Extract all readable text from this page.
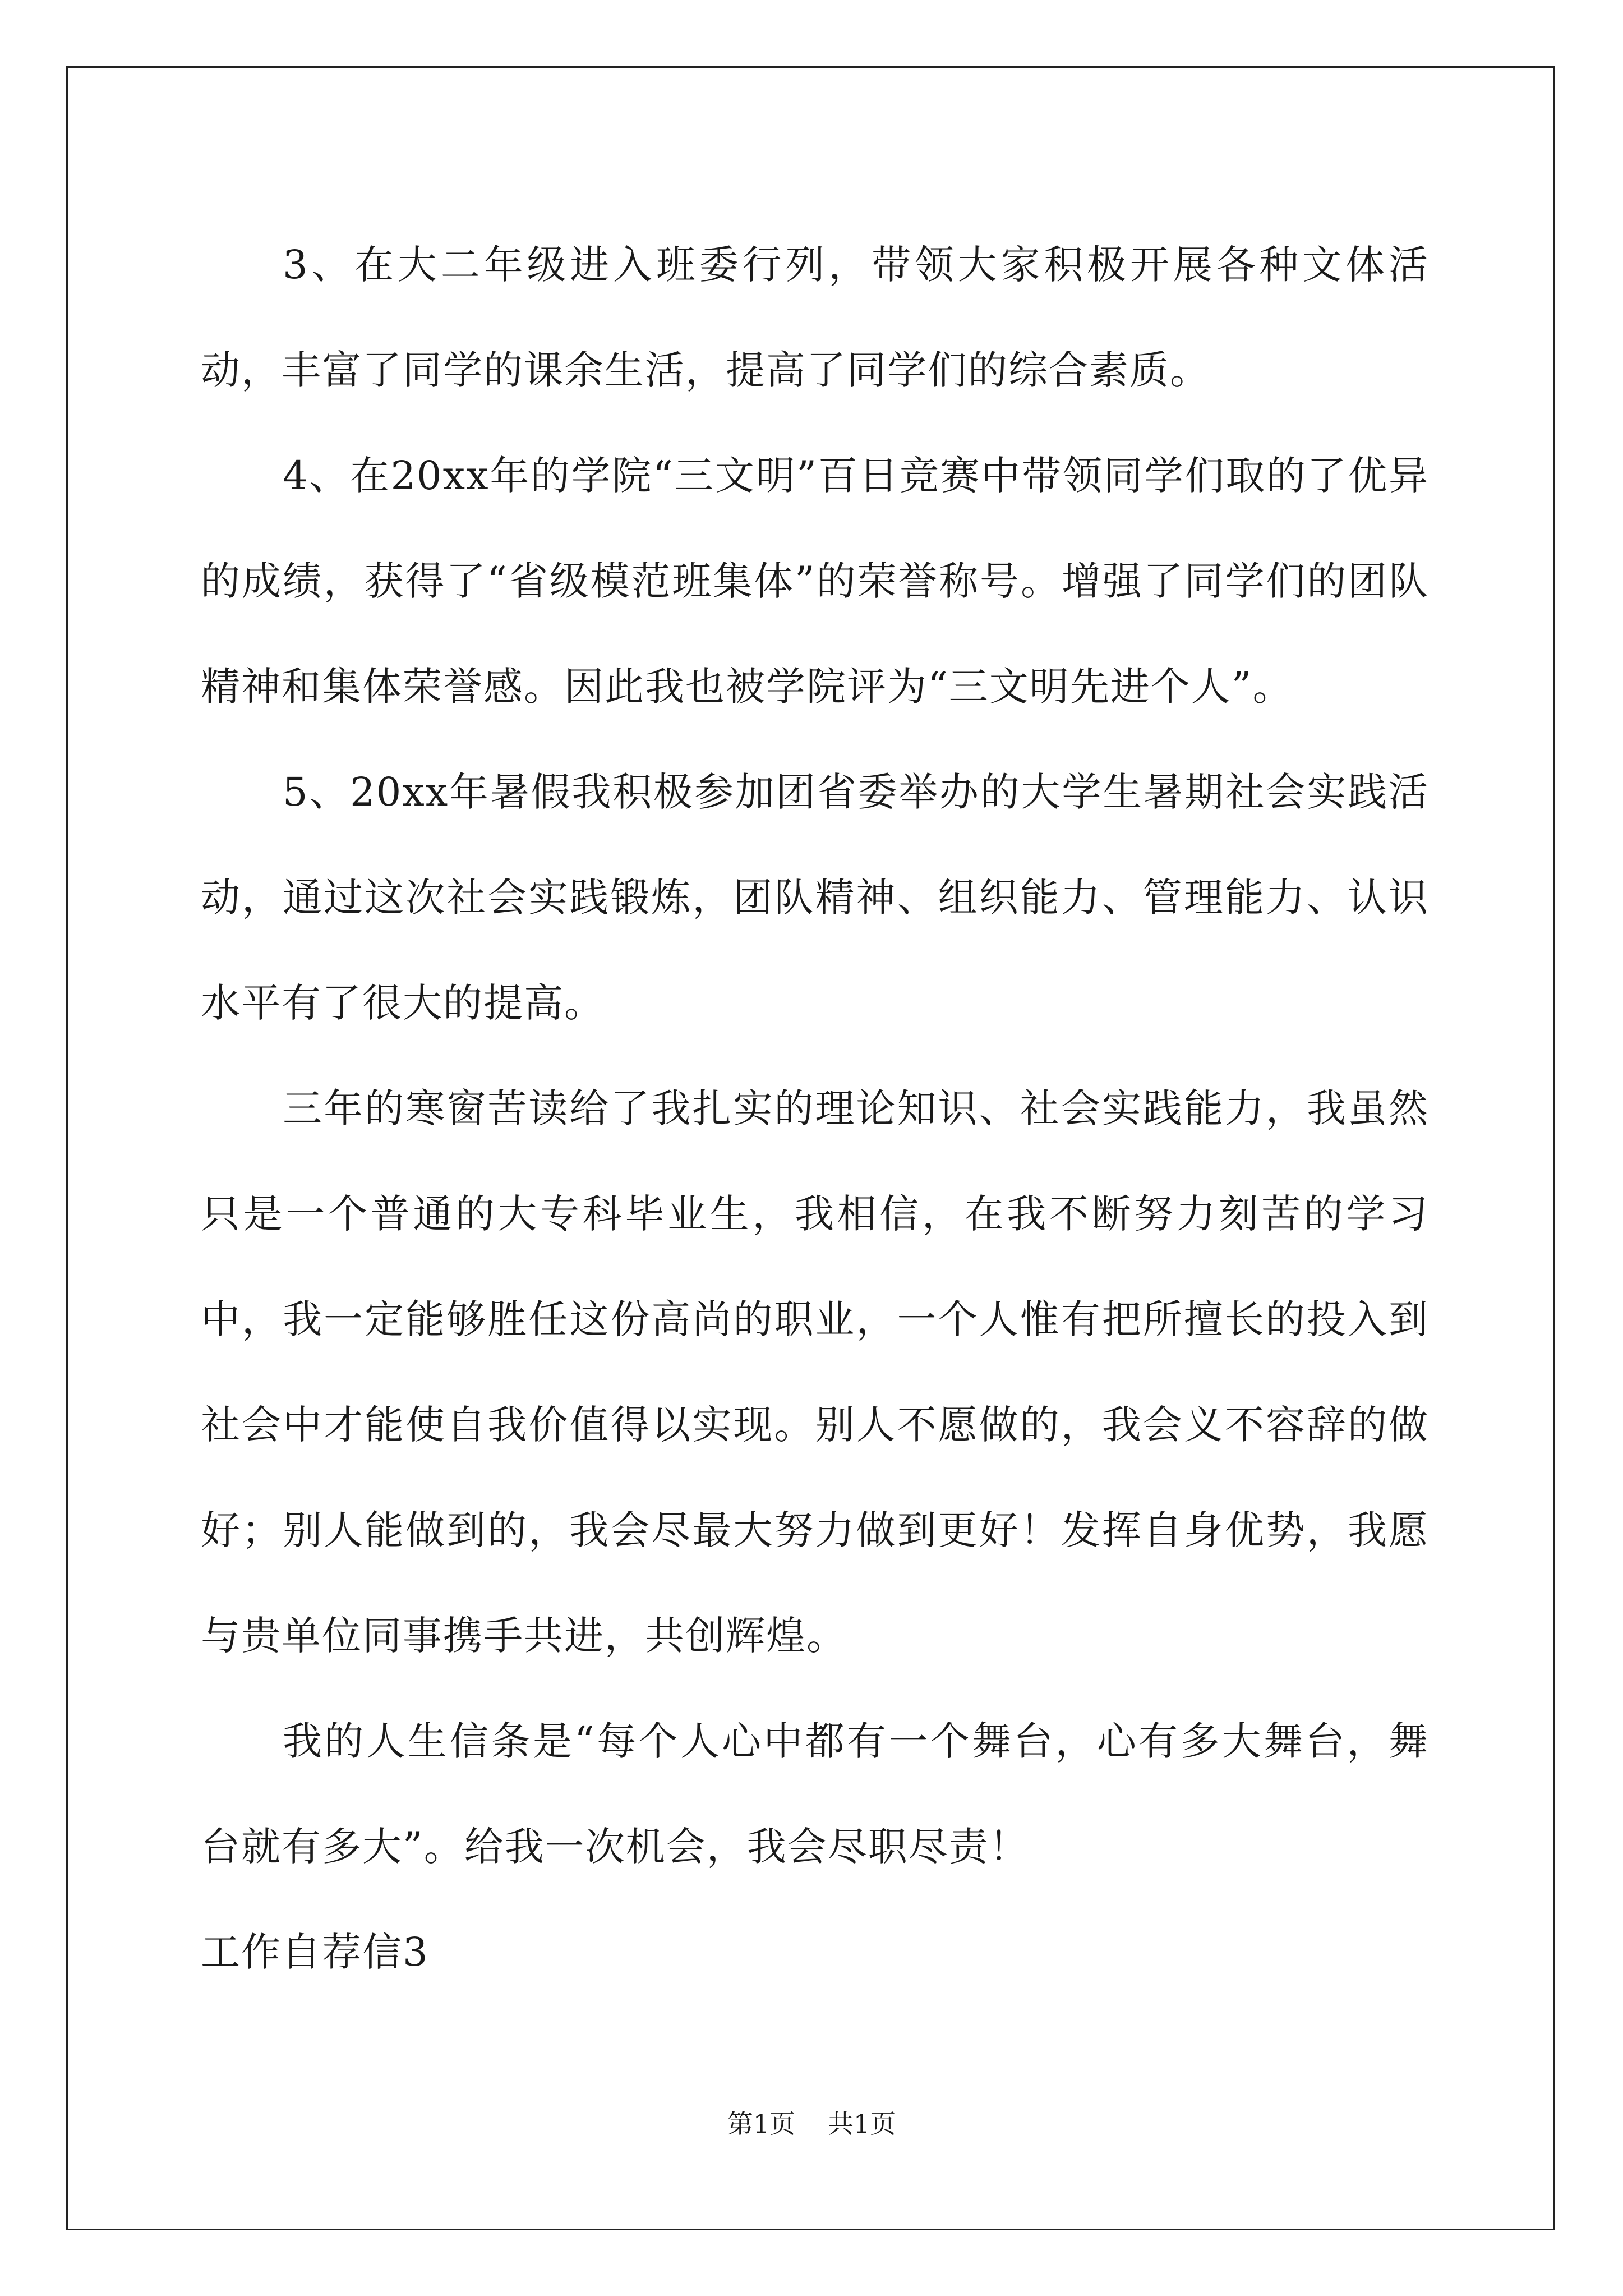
3、在大二年级进入班委行列，带领大家积极开展各种文体活动，丰富了同学的课余生活，提高了同学们的综合素质。

4、在20xx年的学院“三文明”百日竞赛中带领同学们取的了优异的成绩，获得了“省级模范班集体”的荣誉称号。增强了同学们的团队精神和集体荣誉感。因此我也被学院评为“三文明先进个人”。

5、20xx年暑假我积极参加团省委举办的大学生暑期社会实践活动，通过这次社会实践锻炼，团队精神、组织能力、管理能力、认识水平有了很大的提高。

三年的寒窗苦读给了我扎实的理论知识、社会实践能力，我虽然只是一个普通的大专科毕业生，我相信，在我不断努力刻苦的学习中，我一定能够胜任这份高尚的职业，一个人惟有把所擅长的投入到社会中才能使自我价值得以实现。别人不愿做的，我会义不容辞的做好；别人能做到的，我会尽最大努力做到更好！发挥自身优势，我愿与贵单位同事携手共进，共创辉煌。

我的人生信条是“每个人心中都有一个舞台，心有多大舞台，舞台就有多大”。给我一次机会，我会尽职尽责！

工作自荐信3

第1页 共1页
